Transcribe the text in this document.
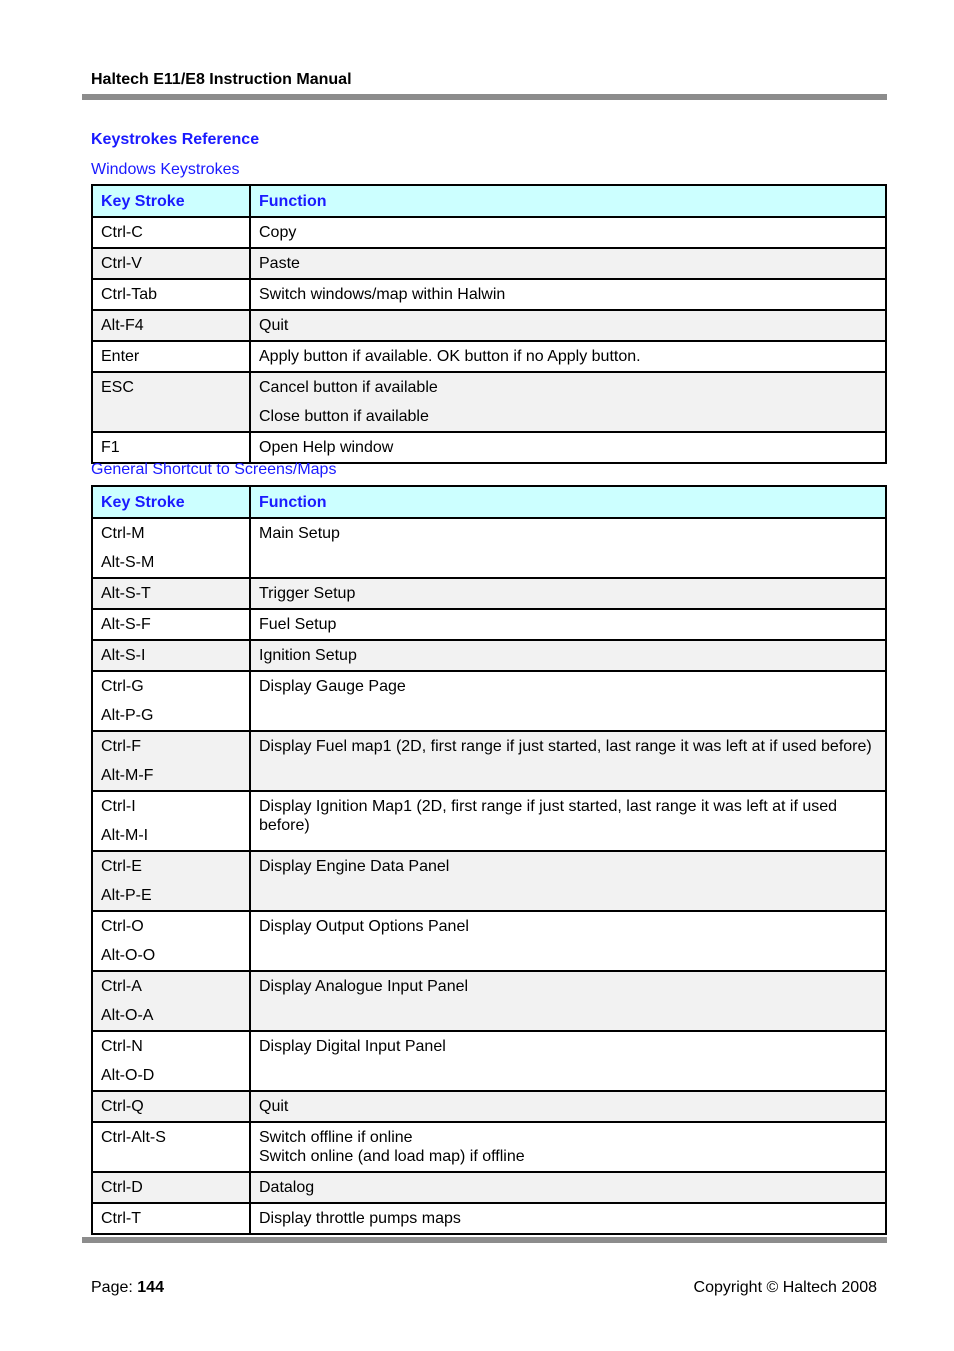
Haltech E11/E8 Instruction Manual
Keystrokes Reference
Windows Keystrokes
Key Stroke	Function

Ctrl-C	Copy

Ctrl-V	Paste

Ctrl-Tab	Switch windows/map within Halwin

Alt-F4	Quit

Enter	Apply button if available. OK button if no Apply button.

ESC	Cancel button if available
Close button if available

F1	Open Help window
General Shortcut to Screens/Maps
Key Stroke	Function

Ctrl-M
Alt-S-M	Main Setup

Alt-S-T	Trigger Setup

Alt-S-F	Fuel Setup

Alt-S-I	Ignition Setup

Ctrl-G
Alt-P-G	Display Gauge Page

Ctrl-F
Alt-M-F	Display Fuel map1 (2D, first range if just started, last range it was left at if used before)

Ctrl-I
Alt-M-I	Display Ignition Map1 (2D, first range if just started, last range it was left at if used before)

Ctrl-E
Alt-P-E	Display Engine Data Panel

Ctrl-O
Alt-O-O	Display Output Options Panel

Ctrl-A
Alt-O-A	Display Analogue Input Panel

Ctrl-N
Alt-O-D	Display Digital Input Panel

Ctrl-Q	Quit

Ctrl-Alt-S	Switch offline if online
Switch online (and load map) if offline

Ctrl-D	Datalog

Ctrl-T	Display throttle pumps maps
Page: 144	Copyright © Haltech 2008
